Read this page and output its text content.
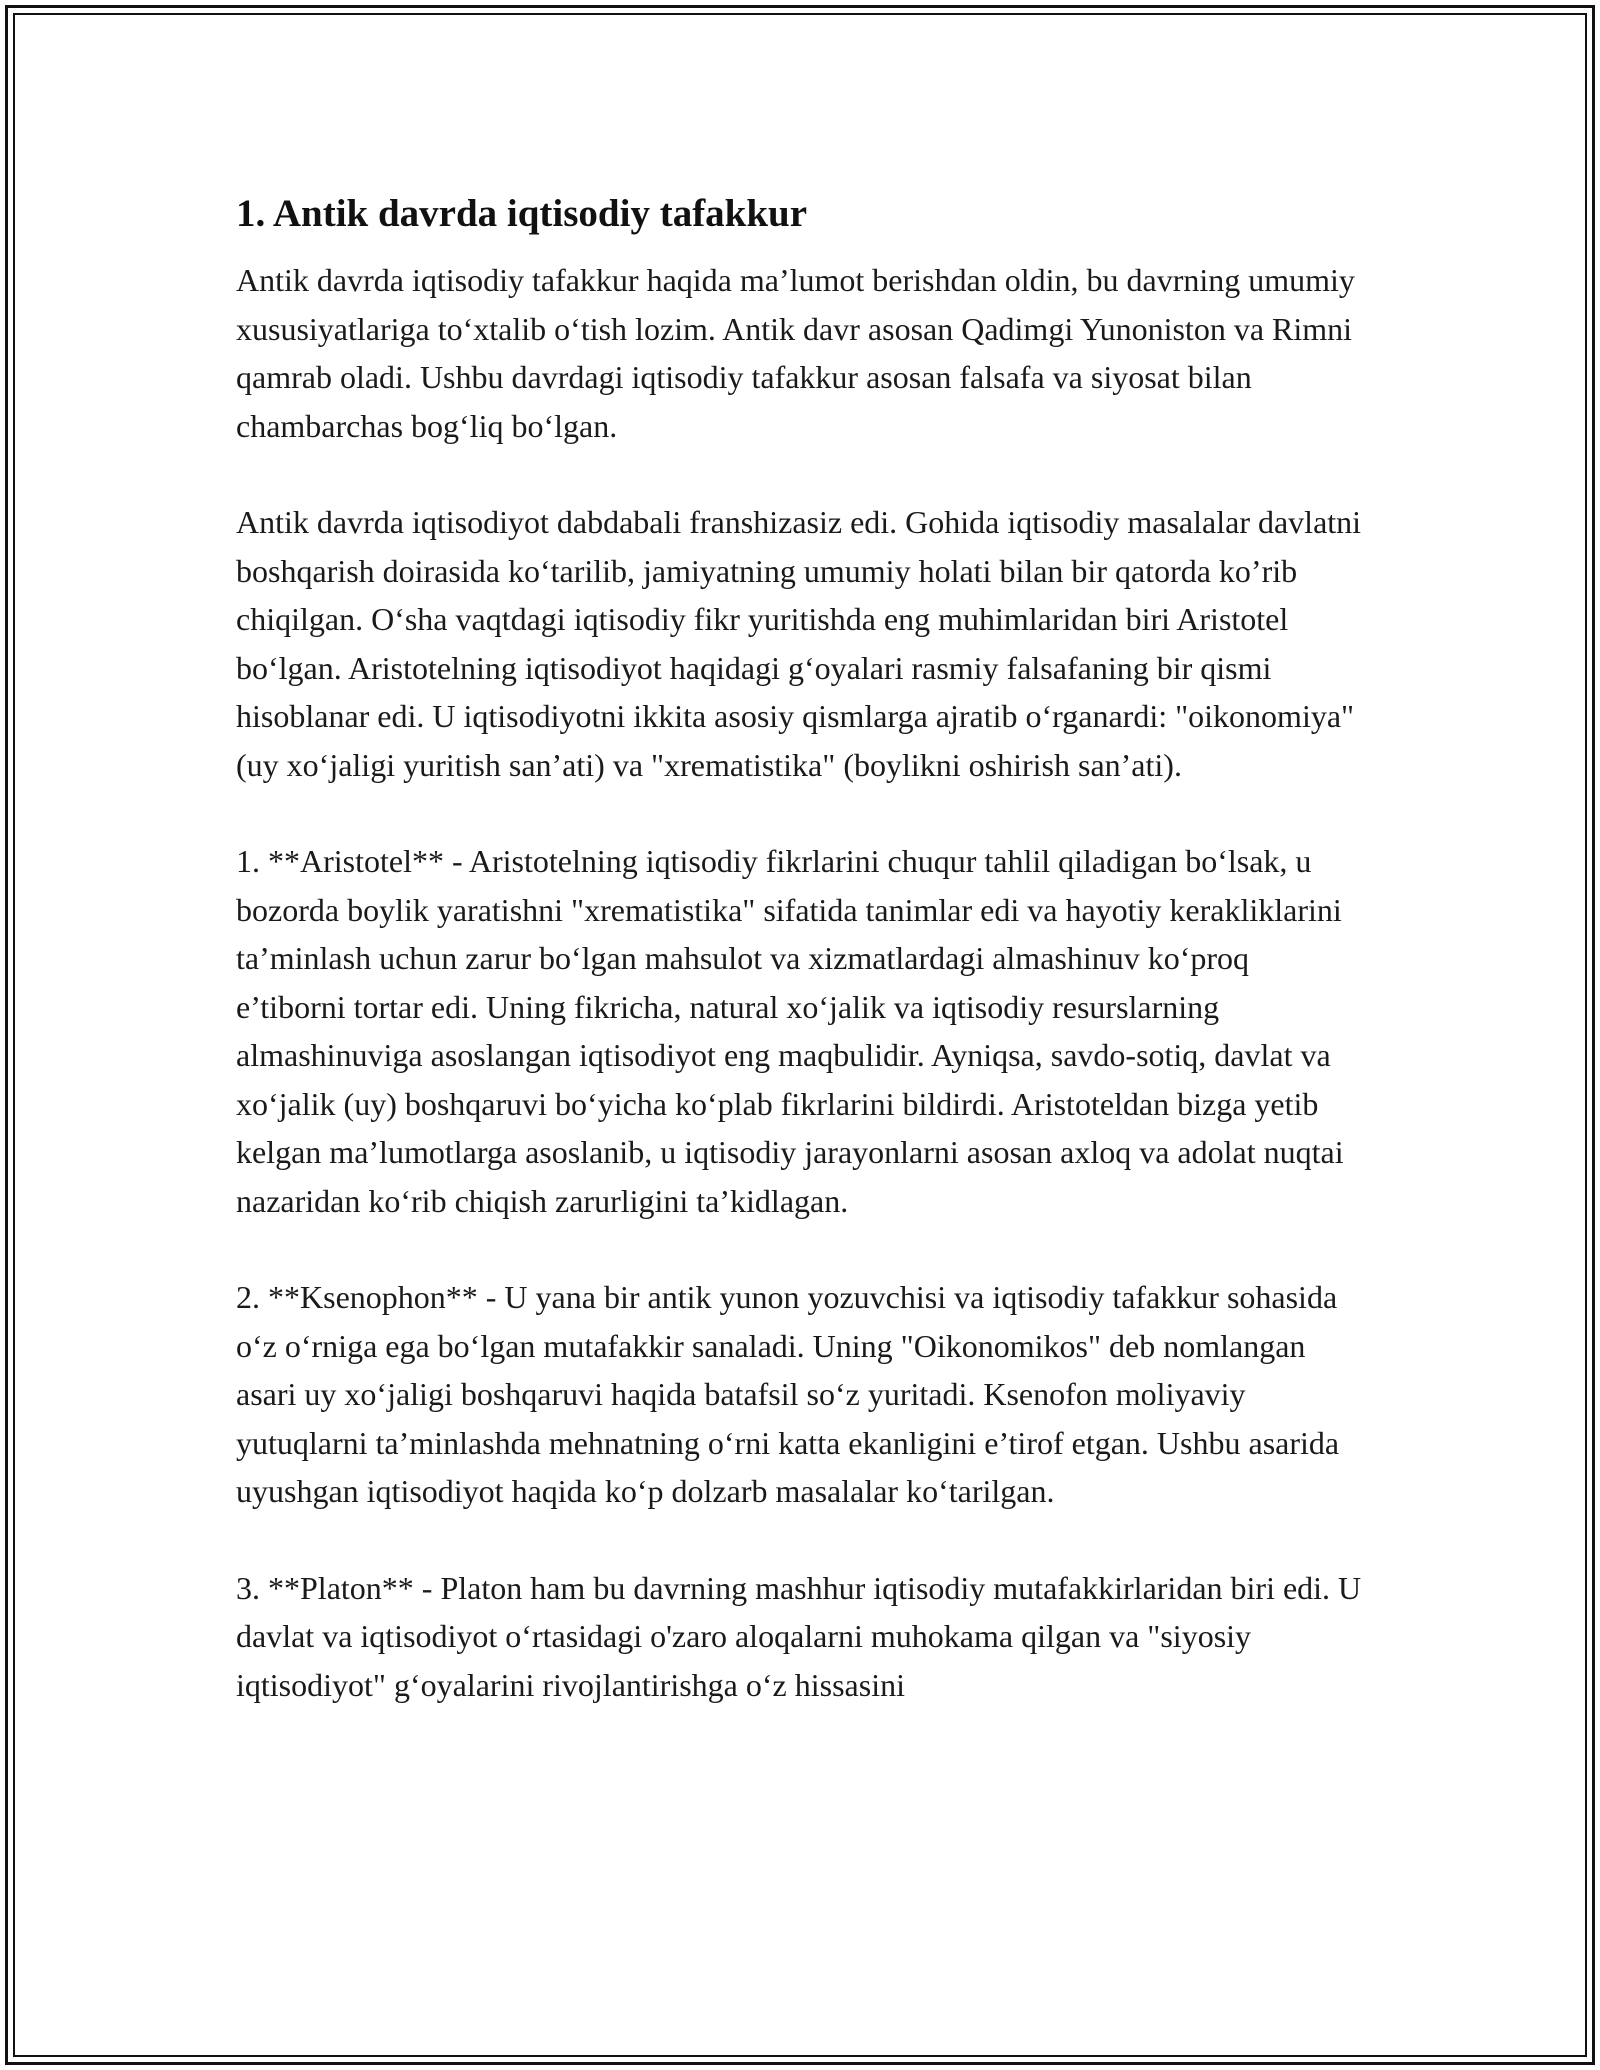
1. Antik davrda iqtisodiy tafakkur

Antik davrda iqtisodiy tafakkur haqida ma’lumot berishdan oldin, bu davrning umumiy xususiyatlariga to‘xtalib o‘tish lozim. Antik davr asosan Qadimgi Yunoniston va Rimni qamrab oladi. Ushbu davrdagi iqtisodiy tafakkur asosan falsafa va siyosat bilan chambarchas bog‘liq bo‘lgan.

Antik davrda iqtisodiyot dabdabali franshizasiz edi. Gohida iqtisodiy masalalar davlatni boshqarish doirasida ko‘tarilib, jamiyatning umumiy holati bilan bir qatorda ko’rib chiqilgan. O‘sha vaqtdagi iqtisodiy fikr yuritishda eng muhimlaridan biri Aristotel bo‘lgan. Aristotelning iqtisodiyot haqidagi g‘oyalari rasmiy falsafaning bir qismi hisoblanar edi. U iqtisodiyotni ikkita asosiy qismlarga ajratib o‘rganardi: "oikonomiya" (uy xo‘jaligi yuritish san’ati) va "xrematistika" (boylikni oshirish san’ati).

1. **Aristotel** - Aristotelning iqtisodiy fikrlarini chuqur tahlil qiladigan bo‘lsak, u bozorda boylik yaratishni "xrematistika" sifatida tanimlar edi va hayotiy kerakliklarini ta’minlash uchun zarur bo‘lgan mahsulot va xizmatlardagi almashinuv ko‘proq e’tiborni tortar edi. Uning fikricha, natural xo‘jalik va iqtisodiy resurslarning almashinuviga asoslangan iqtisodiyot eng maqbulidir. Ayniqsa, savdo-sotiq, davlat va xo‘jalik (uy) boshqaruvi bo‘yicha ko‘plab fikrlarini bildirdi. Aristoteldan bizga yetib kelgan ma’lumotlarga asoslanib, u iqtisodiy jarayonlarni asosan axloq va adolat nuqtai nazaridan ko‘rib chiqish zarurligini ta’kidlagan.

2. **Ksenophon** - U yana bir antik yunon yozuvchisi va iqtisodiy tafakkur sohasida o‘z o‘rniga ega bo‘lgan mutafakkir sanaladi. Uning "Oikonomikos" deb nomlangan asari uy xo‘jaligi boshqaruvi haqida batafsil so‘z yuritadi. Ksenofon moliyaviy yutuqlarni ta’minlashda mehnatning o‘rni katta ekanligini e’tirof etgan. Ushbu asarida uyushgan iqtisodiyot haqida ko‘p dolzarb masalalar ko‘tarilgan.

3. **Platon** - Platon ham bu davrning mashhur iqtisodiy mutafakkirlaridan biri edi. U davlat va iqtisodiyot o‘rtasidagi o'zaro aloqalarni muhokama qilgan va "siyosiy iqtisodiyot" g‘oyalarini rivojlantirishga o‘z hissasini
